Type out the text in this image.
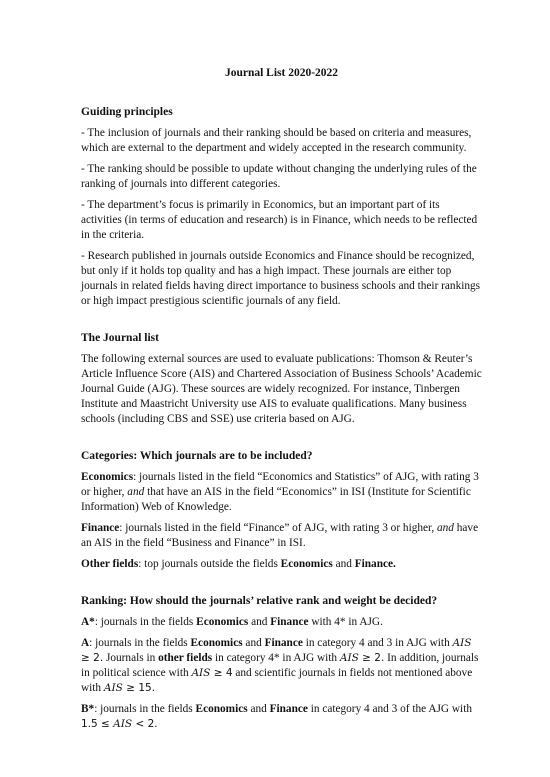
Journal List 2020-2022
Guiding principles

- The inclusion of journals and their ranking should be based on criteria and measures, which are external to the department and widely accepted in the research community.

- The ranking should be possible to update without changing the underlying rules of the ranking of journals into different categories.

- The department’s focus is primarily in Economics, but an important part of its activities (in terms of education and research) is in Finance, which needs to be reflected in the criteria.

- Research published in journals outside Economics and Finance should be recognized, but only if it holds top quality and has a high impact. These journals are either top journals in related fields having direct importance to business schools and their rankings or high impact prestigious scientific journals of any field.

The Journal list

The following external sources are used to evaluate publications: Thomson & Reuter’s Article Influence Score (AIS) and Chartered Association of Business Schools’ Academic Journal Guide (AJG). These sources are widely recognized. For instance, Tinbergen Institute and Maastricht University use AIS to evaluate qualifications. Many business schools (including CBS and SSE) use criteria based on AJG.

Categories: Which journals are to be included?

Economics: journals listed in the field “Economics and Statistics” of AJG, with rating 3 or higher, and that have an AIS in the field “Economics” in ISI (Institute for Scientific Information) Web of Knowledge.

Finance: journals listed in the field “Finance” of AJG, with rating 3 or higher, and have an AIS in the field “Business and Finance” in ISI.

Other fields: top journals outside the fields Economics and Finance.

Ranking: How should the journals’ relative rank and weight be decided?

A*: journals in the fields Economics and Finance with 4* in AJG.

A: journals in the fields Economics and Finance in category 4 and 3 in AJG with AIS ≥ 2. Journals in other fields in category 4* in AJG with AIS ≥ 2. In addition, journals in political science with AIS ≥ 4 and scientific journals in fields not mentioned above with AIS ≥ 15.

B*: journals in the fields Economics and Finance in category 4 and 3 of the AJG with 1.5 ≤ AIS < 2.
